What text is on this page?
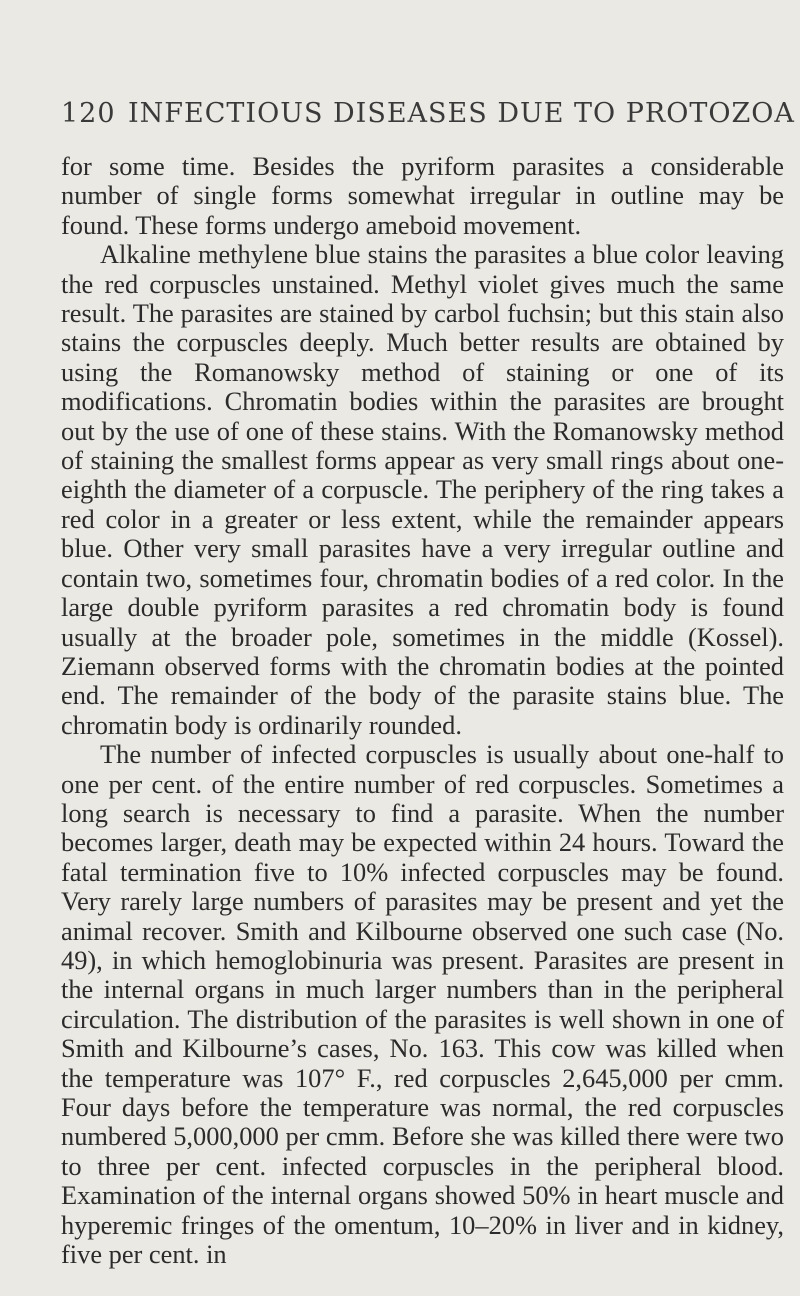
120 INFECTIOUS DISEASES DUE TO PROTOZOA

for some time. Besides the pyriform parasites a considerable number of single forms somewhat irregular in outline may be found. These forms undergo ameboid movement.

Alkaline methylene blue stains the parasites a blue color leaving the red corpuscles unstained. Methyl violet gives much the same result. The parasites are stained by carbol fuchsin; but this stain also stains the corpuscles deeply. Much better results are obtained by using the Romanowsky method of staining or one of its modifications. Chromatin bodies within the parasites are brought out by the use of one of these stains. With the Romanowsky method of staining the smallest forms appear as very small rings about one-eighth the diameter of a corpuscle. The periphery of the ring takes a red color in a greater or less extent, while the remainder appears blue. Other very small parasites have a very irregular outline and contain two, sometimes four, chromatin bodies of a red color. In the large double pyriform parasites a red chromatin body is found usually at the broader pole, sometimes in the middle (Kossel). Ziemann observed forms with the chromatin bodies at the pointed end. The remainder of the body of the parasite stains blue. The chromatin body is ordinarily rounded.

The number of infected corpuscles is usually about one-half to one per cent. of the entire number of red corpuscles. Sometimes a long search is necessary to find a parasite. When the number becomes larger, death may be expected within 24 hours. Toward the fatal termination five to 10% infected corpuscles may be found. Very rarely large numbers of parasites may be present and yet the animal recover. Smith and Kilbourne observed one such case (No. 49), in which hemoglobinuria was present. Parasites are present in the internal organs in much larger numbers than in the peripheral circulation. The distribution of the parasites is well shown in one of Smith and Kilbourne’s cases, No. 163. This cow was killed when the temperature was 107° F., red corpuscles 2,645,000 per cmm. Four days before the temperature was normal, the red corpuscles numbered 5,000,000 per cmm. Before she was killed there were two to three per cent. infected corpuscles in the peripheral blood. Examination of the internal organs showed 50% in heart muscle and hyperemic fringes of the omentum, 10–20% in liver and in kidney, five per cent. in
